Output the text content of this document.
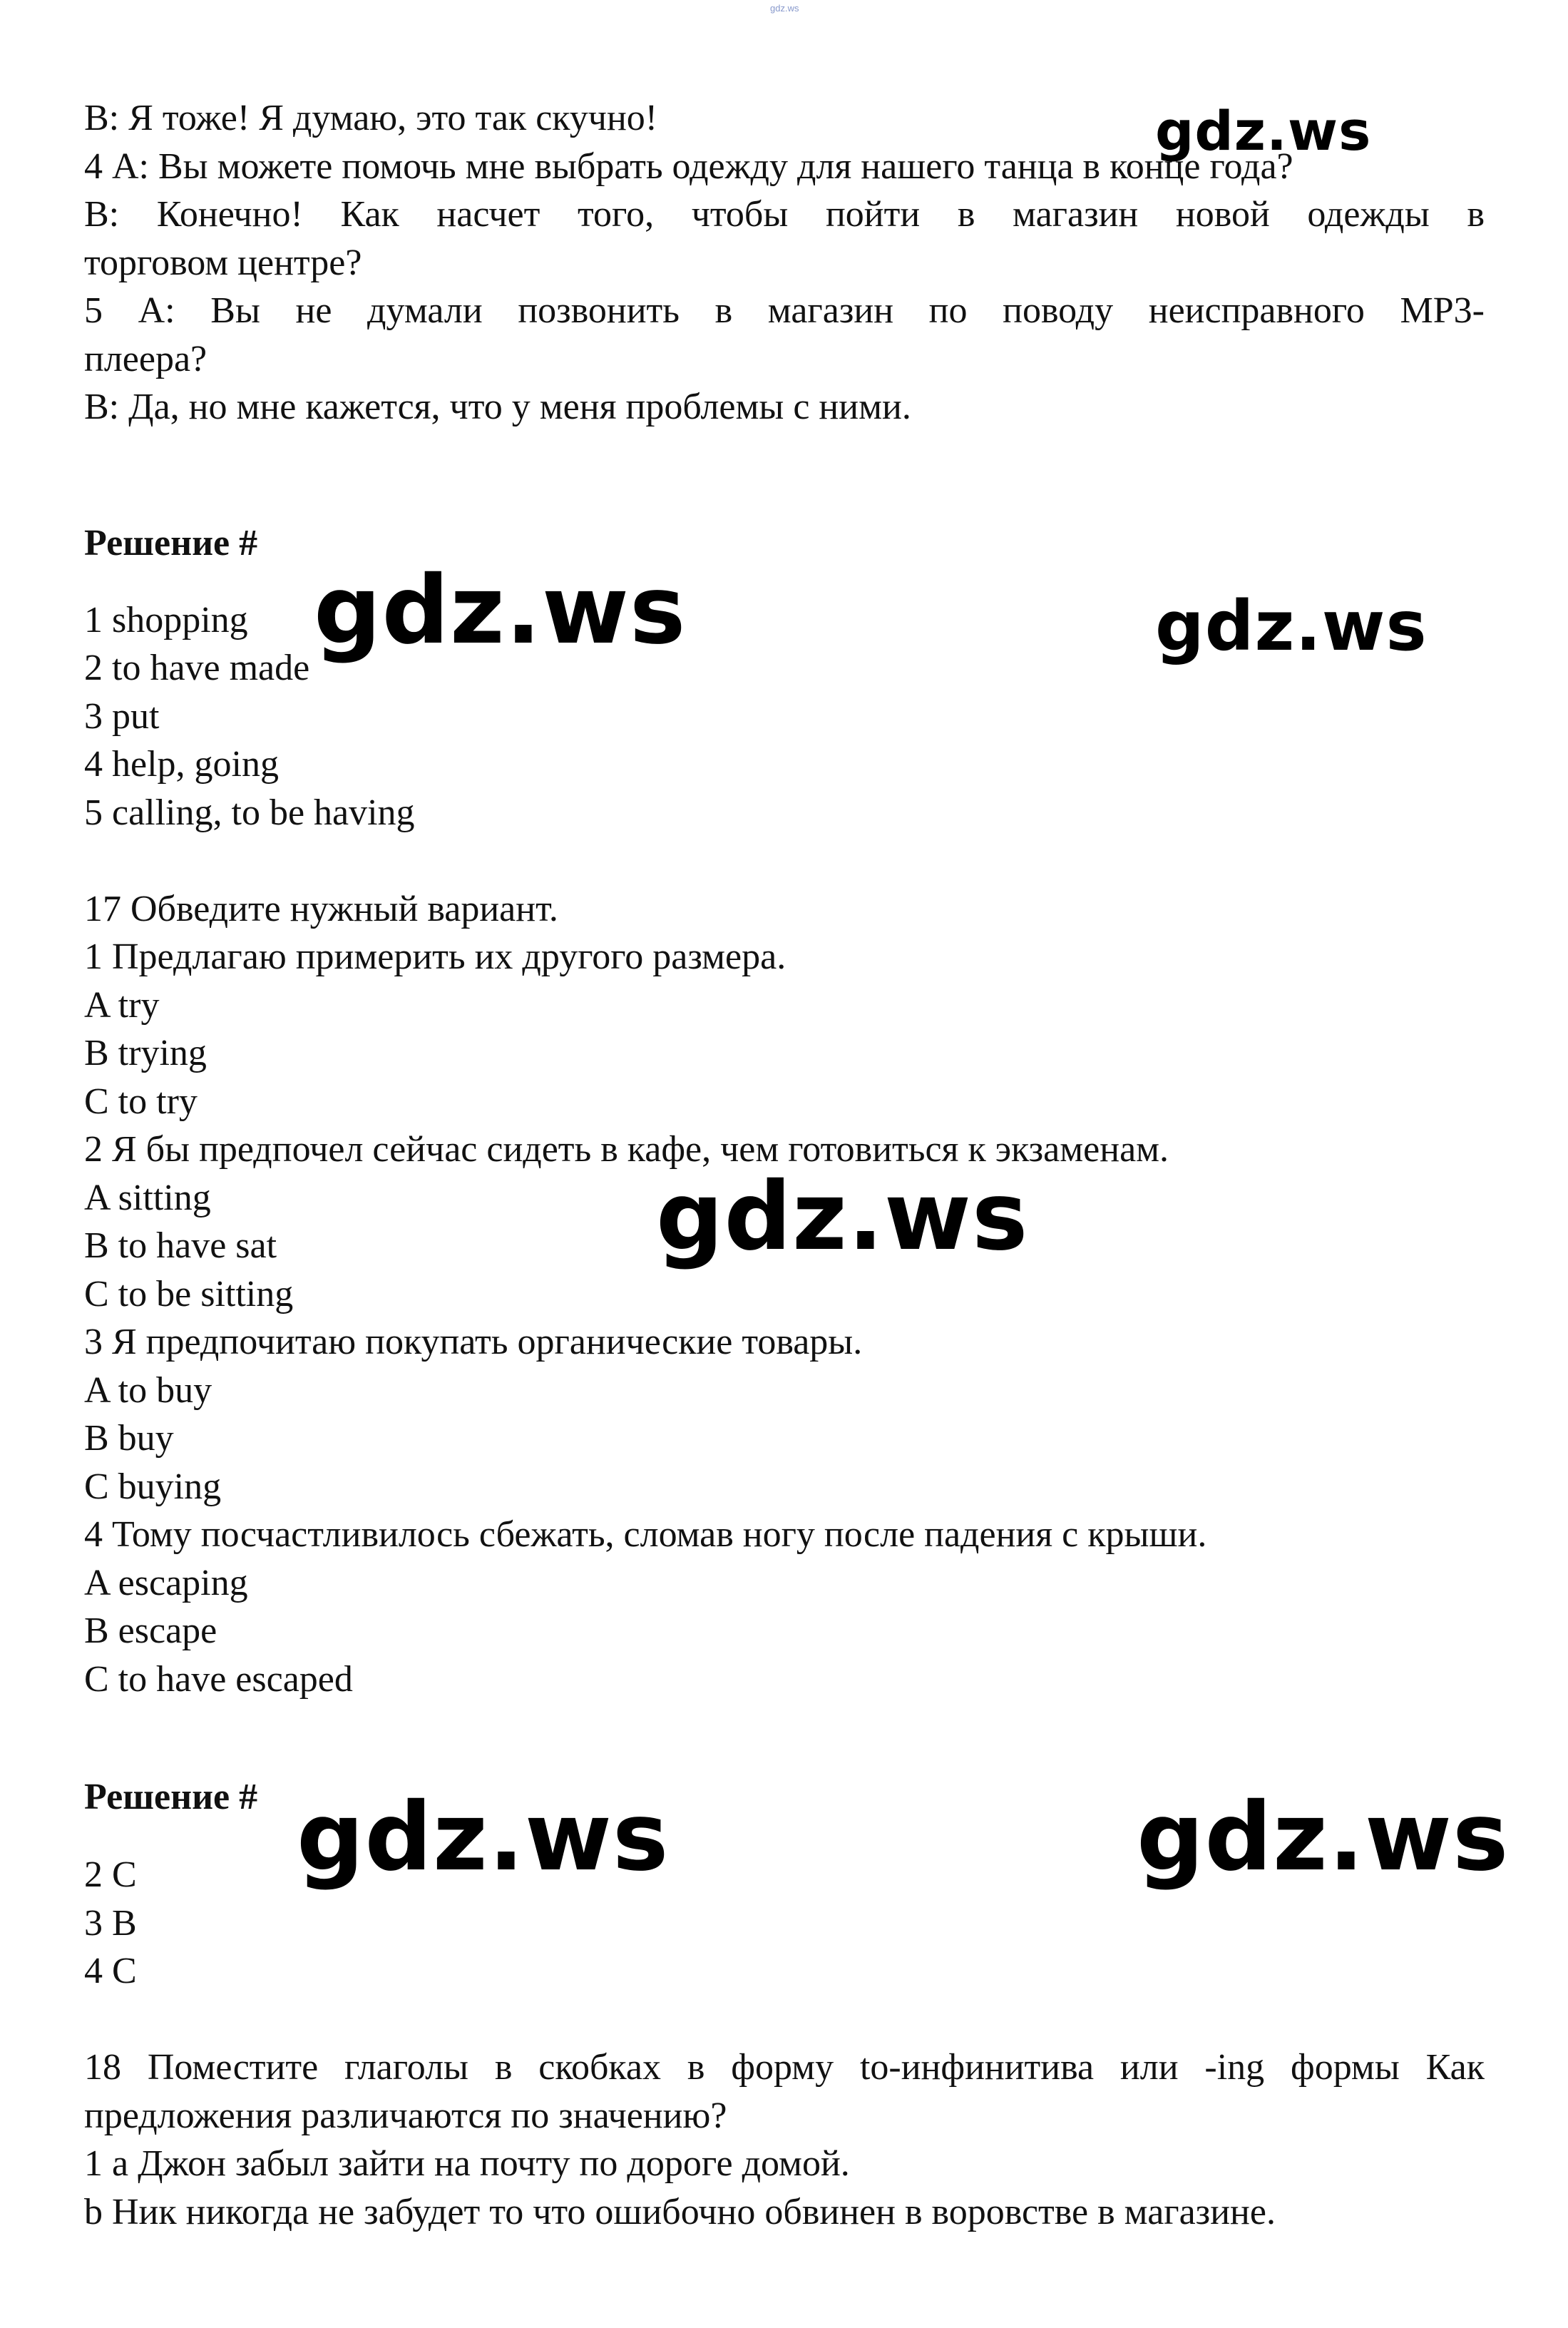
gdz.ws
B: Я тоже! Я думаю, это так скучно!
4 А: Вы можете помочь мне выбрать одежду для нашего танца в конце года?
В: Конечно! Как насчет того, чтобы пойти в магазин новой одежды в
торговом центре?
5 А: Вы не думали позвонить в магазин по поводу неисправного MP3-
плеера?
В: Да, но мне кажется, что у меня проблемы с ними.
Решение #
1 shopping
2 to have made
3 put
4 help, going
5 calling, to be having
17 Обведите нужный вариант.
1 Предлагаю примерить их другого размера.
A try
B trying
C to try
2 Я бы предпочел сейчас сидеть в кафе, чем готовиться к экзаменам.
A sitting
B to have sat
C to be sitting
3 Я предпочитаю покупать органические товары.
A to buy
B buy
C buying
4 Тому посчастливилось сбежать, сломав ногу после падения с крыши.
A escaping
B escape
C to have escaped
Решение #
2 C
3 B
4 C
18 Поместите глаголы в скобках в форму to-инфинитива или -ing формы Как
предложения различаются по значению?
1 a Джон забыл зайти на почту по дороге домой.
b Ник никогда не забудет то что ошибочно обвинен в воровстве в магазине.
gdz.ws
gdz.ws	gdz.ws
gdz.ws
gdz.ws	gdz.ws
